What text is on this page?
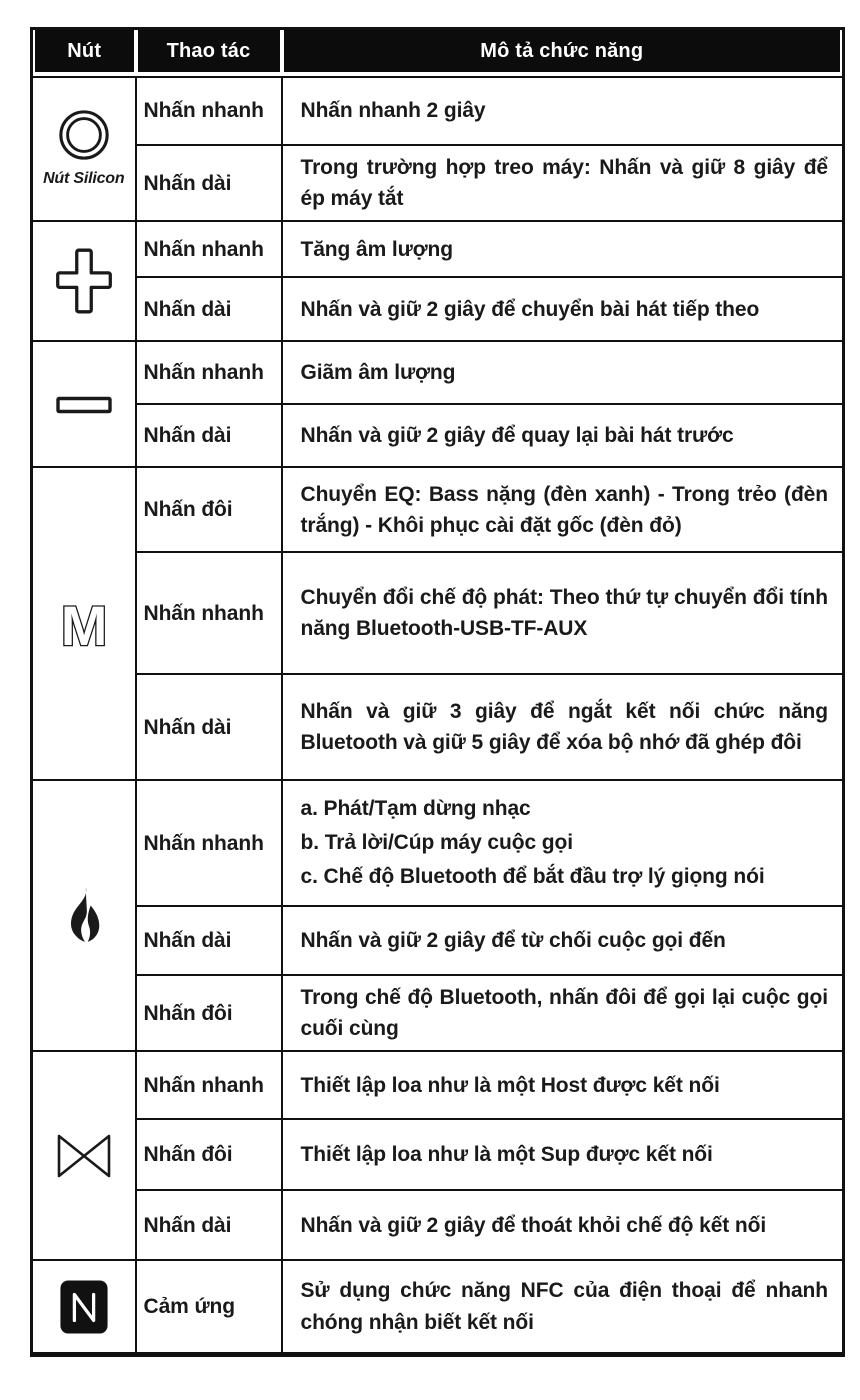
Nút	Thao tác	Mô tả chức năng

Nút Silicon	Nhấn nhanh	Nhấn nhanh 2 giây
	Nhấn dài	Trong trường hợp treo máy: Nhấn và giữ 8 giây để ép máy tắt
	Nhấn nhanh	Tăng âm lượng
	Nhấn dài	Nhấn và giữ 2 giây để chuyển bài hát tiếp theo
	Nhấn nhanh	Giãm âm lượng
	Nhấn dài	Nhấn và giữ 2 giây để quay lại bài hát trước

M	Nhấn đôi	Chuyển EQ: Bass nặng (đèn xanh) - Trong trẻo (đèn trắng) - Khôi phục cài đặt gốc (đèn đỏ)
	Nhấn nhanh	Chuyển đổi chế độ phát: Theo thứ tự chuyển đổi tính năng Bluetooth-USB-TF-AUX
	Nhấn dài	Nhấn và giữ 3 giây để ngắt kết nối chức năng Bluetooth và giữ 5 giây để xóa bộ nhớ đã ghép đôi
	Nhấn nhanh	a. Phát/Tạm dừng nhạc
b. Trả lời/Cúp máy cuộc gọi
c. Chế độ Bluetooth để bắt đầu trợ lý giọng nói

	Nhấn dài	Nhấn và giữ 2 giây để từ chối cuộc gọi đến
	Nhấn đôi	Trong chế độ Bluetooth, nhấn đôi để gọi lại cuộc gọi cuối cùng
	Nhấn nhanh	Thiết lập loa như là một Host được kết nối
	Nhấn đôi	Thiết lập loa như là một Sup được kết nối
	Nhấn dài	Nhấn và giữ 2 giây để thoát khỏi chế độ kết nối
	Cảm ứng	Sử dụng chức năng NFC của điện thoại để nhanh chóng nhận biết kết nối
